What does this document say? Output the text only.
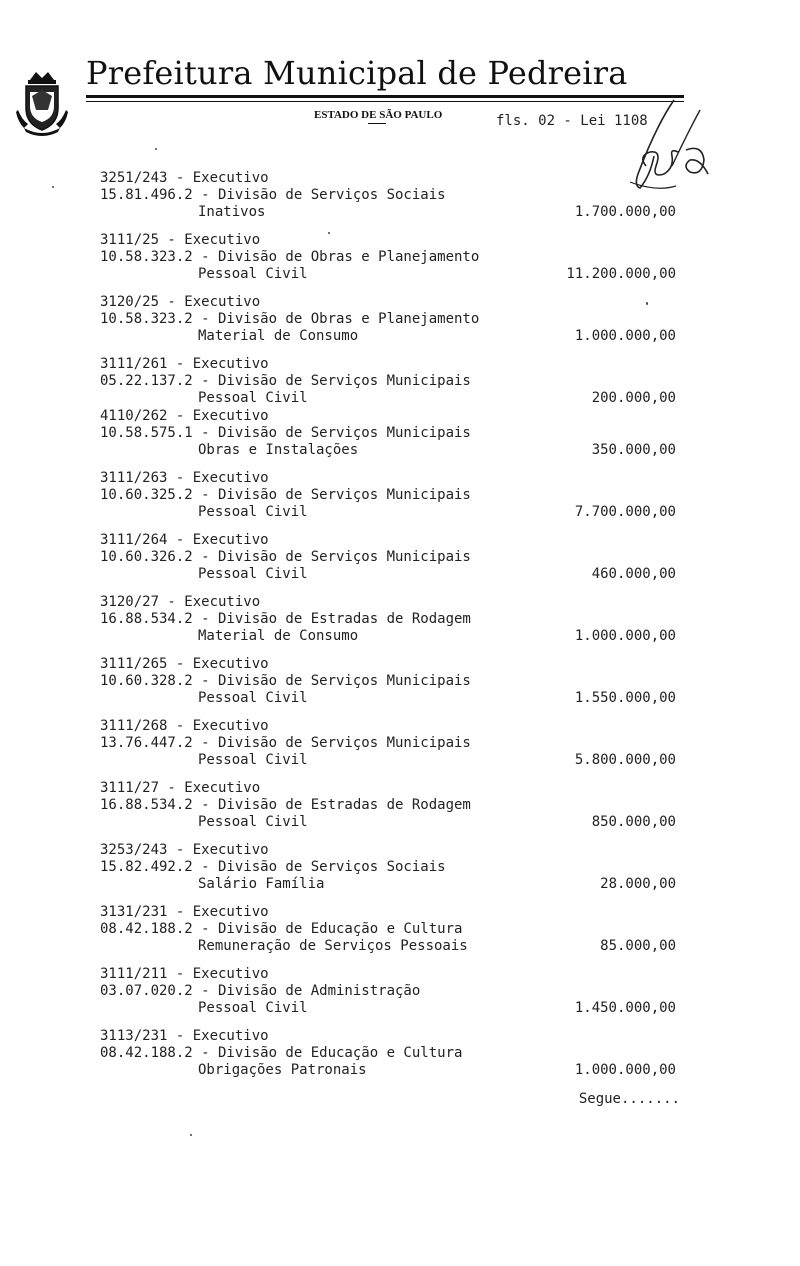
Prefeitura Municipal de Pedreira
ESTADO DE SÃO PAULO	fls. 02 - Lei 1108
3251/243 - Executivo
15.81.496.2 - Divisão de Serviços Sociais
Inativos	1.700.000,00
3111/25 - Executivo
10.58.323.2 - Divisão de Obras e Planejamento
Pessoal Civil	11.200.000,00
3120/25 - Executivo
10.58.323.2 - Divisão de Obras e Planejamento
Material de Consumo	1.000.000,00
3111/261 - Executivo
05.22.137.2 - Divisão de Serviços Municipais
Pessoal Civil	200.000,00
4110/262 - Executivo
10.58.575.1 - Divisão de Serviços Municipais
Obras e Instalações	350.000,00
3111/263 - Executivo
10.60.325.2 - Divisão de Serviços Municipais
Pessoal Civil	7.700.000,00
3111/264 - Executivo
10.60.326.2 - Divisão de Serviços Municipais
Pessoal Civil	460.000,00
3120/27 - Executivo
16.88.534.2 - Divisão de Estradas de Rodagem
Material de Consumo	1.000.000,00
3111/265 - Executivo
10.60.328.2 - Divisão de Serviços Municipais
Pessoal Civil	1.550.000,00
3111/268 - Executivo
13.76.447.2 - Divisão de Serviços Municipais
Pessoal Civil	5.800.000,00
3111/27 - Executivo
16.88.534.2 - Divisão de Estradas de Rodagem
Pessoal Civil	850.000,00
3253/243 - Executivo
15.82.492.2 - Divisão de Serviços Sociais
Salário Família	28.000,00
3131/231 - Executivo
08.42.188.2 - Divisão de Educação e Cultura
Remuneração de Serviços Pessoais	85.000,00
3111/211 - Executivo
03.07.020.2 - Divisão de Administração
Pessoal Civil	1.450.000,00
3113/231 - Executivo
08.42.188.2 - Divisão de Educação e Cultura
Obrigações Patronais	1.000.000,00
Segue.......
